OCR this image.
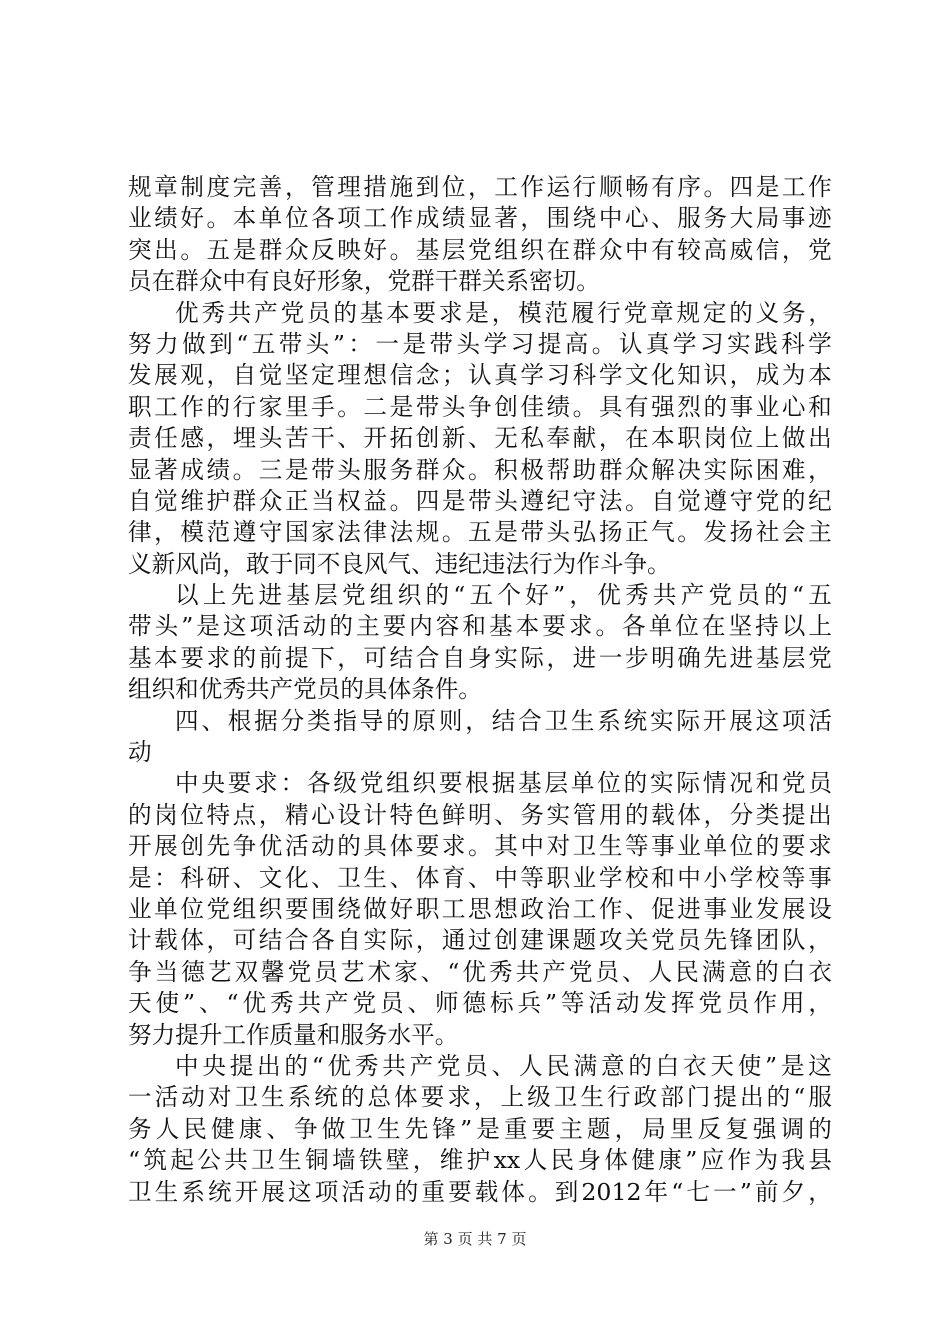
规 章 制 度 完 善 ， 管 理 措 施 到 位 ， 工 作 运 行 顺 畅 有 序 。 四 是 工 作
业 绩 好 。 本 单 位 各 项 工 作 成 绩 显 著 ， 围 绕 中 心 、 服 务 大 局 事 迹
突 出 。 五 是 群 众 反 映 好 。 基 层 党 组 织 在 群 众 中 有 较 高 威 信 ， 党
员在群众中有良好形象，党群干群关系密切。
优 秀 共 产 党 员 的 基 本 要 求 是 ， 模 范 履 行 党 章 规 定 的 义 务 ，
努 力 做 到 “ 五 带 头 ” ： 一 是 带 头 学 习 提 高 。 认 真 学 习 实 践 科 学
发 展 观 ， 自 觉 坚 定 理 想 信 念 ； 认 真 学 习 科 学 文 化 知 识 ， 成 为 本
职 工 作 的 行 家 里 手 。 二 是 带 头 争 创 佳 绩 。 具 有 强 烈 的 事 业 心 和
责 任 感 ， 埋 头 苦 干 、 开 拓 创 新 、 无 私 奉 献 ， 在 本 职 岗 位 上 做 出
显 著 成 绩 。 三 是 带 头 服 务 群 众 。 积 极 帮 助 群 众 解 决 实 际 困 难 ，
自 觉 维 护 群 众 正 当 权 益 。 四 是 带 头 遵 纪 守 法 。 自 觉 遵 守 党 的 纪
律 ， 模 范 遵 守 国 家 法 律 法 规 。 五 是 带 头 弘 扬 正 气 。 发 扬 社 会 主
义新风尚，敢于同不良风气、违纪违法行为作斗争。
以 上 先 进 基 层 党 组 织 的 “ 五 个 好 ” ， 优 秀 共 产 党 员 的 “ 五
带 头 ” 是 这 项 活 动 的 主 要 内 容 和 基 本 要 求 。 各 单 位 在 坚 持 以 上
基 本 要 求 的 前 提 下 ， 可 结 合 自 身 实 际 ， 进 一 步 明 确 先 进 基 层 党
组织和优秀共产党员的具体条件。
四 、 根 据 分 类 指 导 的 原 则 ， 结 合 卫 生 系 统 实 际 开 展 这 项 活
动
中 央 要 求 ： 各 级 党 组 织 要 根 据 基 层 单 位 的 实 际 情 况 和 党 员
的 岗 位 特 点 ， 精 心 设 计 特 色 鲜 明 、 务 实 管 用 的 载 体 ， 分 类 提 出
开 展 创 先 争 优 活 动 的 具 体 要 求 。 其 中 对 卫 生 等 事 业 单 位 的 要 求
是 ： 科 研 、 文 化 、 卫 生 、 体 育 、 中 等 职 业 学 校 和 中 小 学 校 等 事
业 单 位 党 组 织 要 围 绕 做 好 职 工 思 想 政 治 工 作 、 促 进 事 业 发 展 设
计 载 体 ， 可 结 合 各 自 实 际 ， 通 过 创 建 课 题 攻 关 党 员 先 锋 团 队 ，
争 当 德 艺 双 馨 党 员 艺 术 家 、 “ 优 秀 共 产 党 员 、 人 民 满 意 的 白 衣
天 使 ” 、 “ 优 秀 共 产 党 员 、 师 德 标 兵 ” 等 活 动 发 挥 党 员 作 用 ，
努力提升工作质量和服务水平。
中 央 提 出 的 “ 优 秀 共 产 党 员 、 人 民 满 意 的 白 衣 天 使 ” 是 这
一 活 动 对 卫 生 系 统 的 总 体 要 求 ， 上 级 卫 生 行 政 部 门 提 出 的 “ 服
务 人 民 健 康 、 争 做 卫 生 先 锋 ” 是 重 要 主 题 ， 局 里 反 复 强 调 的
“ 筑 起 公 共 卫 生 铜 墙 铁 壁 ， 维 护 xx 人 民 身 体 健 康 ” 应 作 为 我 县
卫 生 系 统 开 展 这 项 活 动 的 重 要 载 体 。 到 2012 年 “ 七 一 ” 前 夕 ，
第 3 页 共 7 页
